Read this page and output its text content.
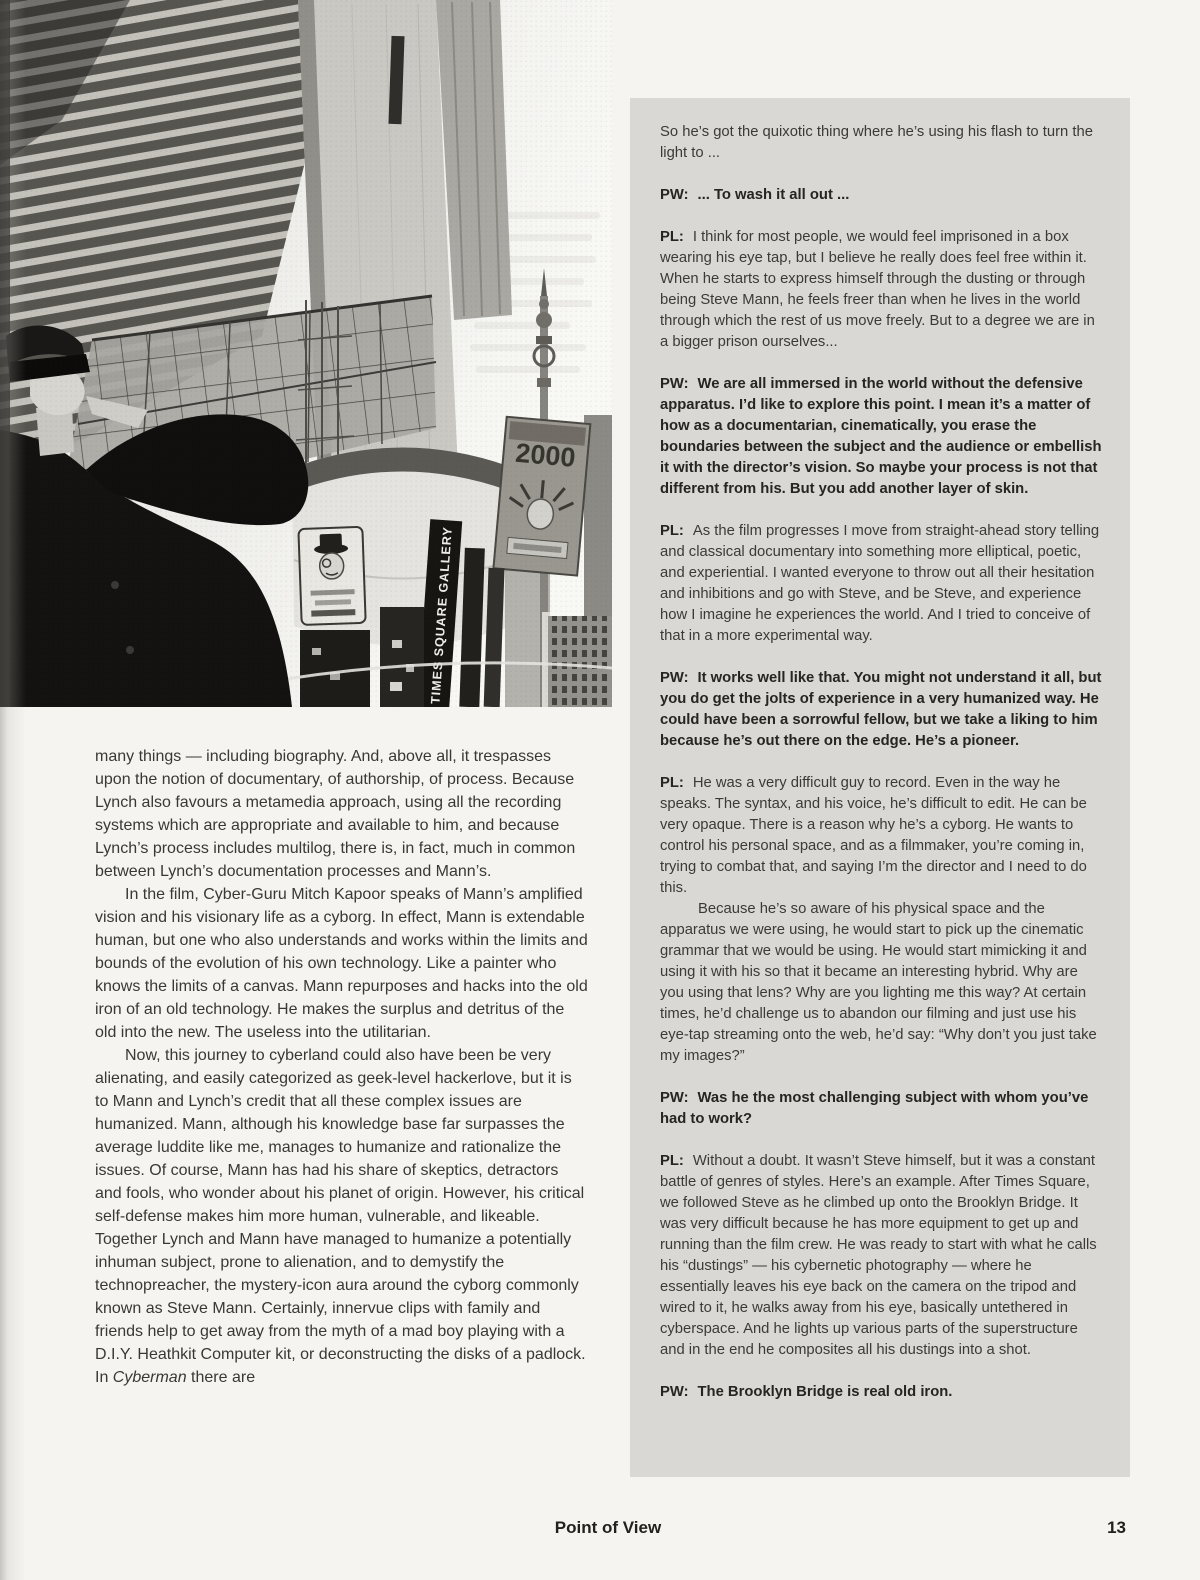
So he’s got the quixotic thing where he’s using his flash to turn the light to ...

PW: ... To wash it all out ...

PL: I think for most people, we would feel imprisoned in a box wearing his eye tap, but I believe he really does feel free within it. When he starts to express himself through the dusting or through being Steve Mann, he feels freer than when he lives in the world through which the rest of us move freely. But to a degree we are in a bigger prison ourselves...

PW: We are all immersed in the world without the defensive apparatus. I’d like to explore this point. I mean it’s a matter of how as a documentarian, cinematically, you erase the boundaries between the subject and the audience or embellish it with the director’s vision. So maybe your process is not that different from his. But you add another layer of skin.

PL: As the film progresses I move from straight-ahead story telling and classical documentary into something more elliptical, poetic, and experiential. I wanted everyone to throw out all their hesitation and inhibitions and go with Steve, and be Steve, and experience how I imagine he experiences the world. And I tried to conceive of that in a more experimental way.

PW: It works well like that. You might not understand it all, but you do get the jolts of experience in a very humanized way. He could have been a sorrowful fellow, but we take a liking to him because he’s out there on the edge. He’s a pioneer.

PL: He was a very difficult guy to record. Even in the way he speaks. The syntax, and his voice, he’s difficult to edit. He can be very opaque. There is a reason why he’s a cyborg. He wants to control his personal space, and as a filmmaker, you’re coming in, trying to combat that, and saying I’m the director and I need to do this.

Because he’s so aware of his physical space and the apparatus we were using, he would start to pick up the cinematic grammar that we would be using. He would start mimicking it and using it with his so that it became an interesting hybrid. Why are you using that lens? Why are you lighting me this way? At certain times, he’d challenge us to abandon our filming and just use his eye-tap streaming onto the web, he’d say: “Why don’t you just take my images?”

PW: Was he the most challenging subject with whom you’ve had to work?

PL: Without a doubt. It wasn’t Steve himself, but it was a constant battle of genres of styles. Here’s an example. After Times Square, we followed Steve as he climbed up onto the Brooklyn Bridge. It was very difficult because he has more equipment to get up and running than the film crew. He was ready to start with what he calls his “dustings” — his cybernetic photography — where he essentially leaves his eye back on the camera on the tripod and wired to it, he walks away from his eye, basically untethered in cyberspace. And he lights up various parts of the superstructure and in the end he composites all his dustings into a shot.

PW: The Brooklyn Bridge is real old iron.

many things — including biography. And, above all, it trespasses upon the notion of documentary, of authorship, of process. Because Lynch also favours a metamedia approach, using all the recording systems which are appropriate and available to him, and because Lynch’s process includes multilog, there is, in fact, much in common between Lynch’s documentation processes and Mann’s.

In the film, Cyber-Guru Mitch Kapoor speaks of Mann’s amplified vision and his visionary life as a cyborg. In effect, Mann is extendable human, but one who also understands and works within the limits and bounds of the evolution of his own technology. Like a painter who knows the limits of a canvas. Mann repurposes and hacks into the old iron of an old technology. He makes the surplus and detritus of the old into the new. The useless into the utilitarian.

Now, this journey to cyberland could also have been be very alienating, and easily categorized as geek-level hackerlove, but it is to Mann and Lynch’s credit that all these complex issues are humanized. Mann, although his knowledge base far surpasses the average luddite like me, manages to humanize and rationalize the issues. Of course, Mann has had his share of skeptics, detractors and fools, who wonder about his planet of origin. However, his critical self-defense makes him more human, vulnerable, and likeable. Together Lynch and Mann have managed to humanize a potentially inhuman subject, prone to alienation, and to demystify the technopreacher, the mystery-icon aura around the cyborg commonly known as Steve Mann. Certainly, innervue clips with family and friends help to get away from the myth of a mad boy playing with a D.I.Y. Heathkit Computer kit, or deconstructing the disks of a padlock. In Cyberman there are

Point of View	13
